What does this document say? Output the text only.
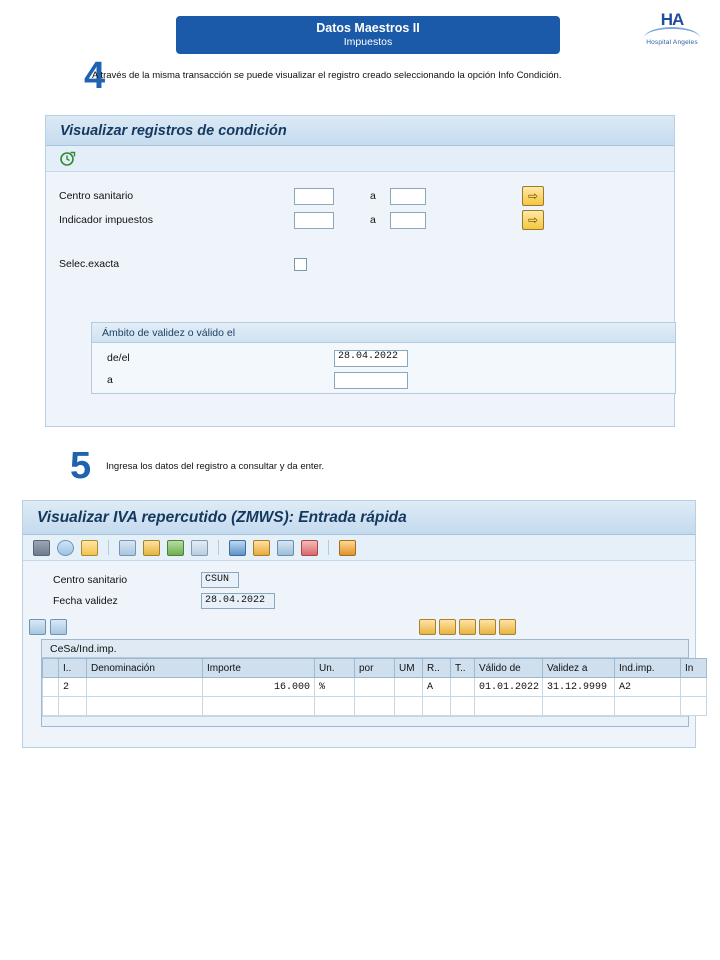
Datos Maestros II
Impuestos
HA
Hospital Angeles
4
A través de la misma transacción se puede visualizar el registro creado seleccionando la opción Info Condición.
Visualizar registros de condición
Centro sanitario	a	⇨
Indicador impuestos	a	⇨
Selec.exacta
Ámbito de validez o válido el
de/el	28.04.2022
a
5 Ingresa los datos del registro a consultar y da enter.
Visualizar IVA repercutido (ZMWS): Entrada rápida
Centro sanitario	CSUN
Fecha validez	28.04.2022
CeSa/Ind.imp.
	I..	Denominación	Importe	Un.	por	UM	R..	T..	Válido de	Validez a	Ind.imp.	In
	2		16.000	%			A		01.01.2022	31.12.9999	A2	
